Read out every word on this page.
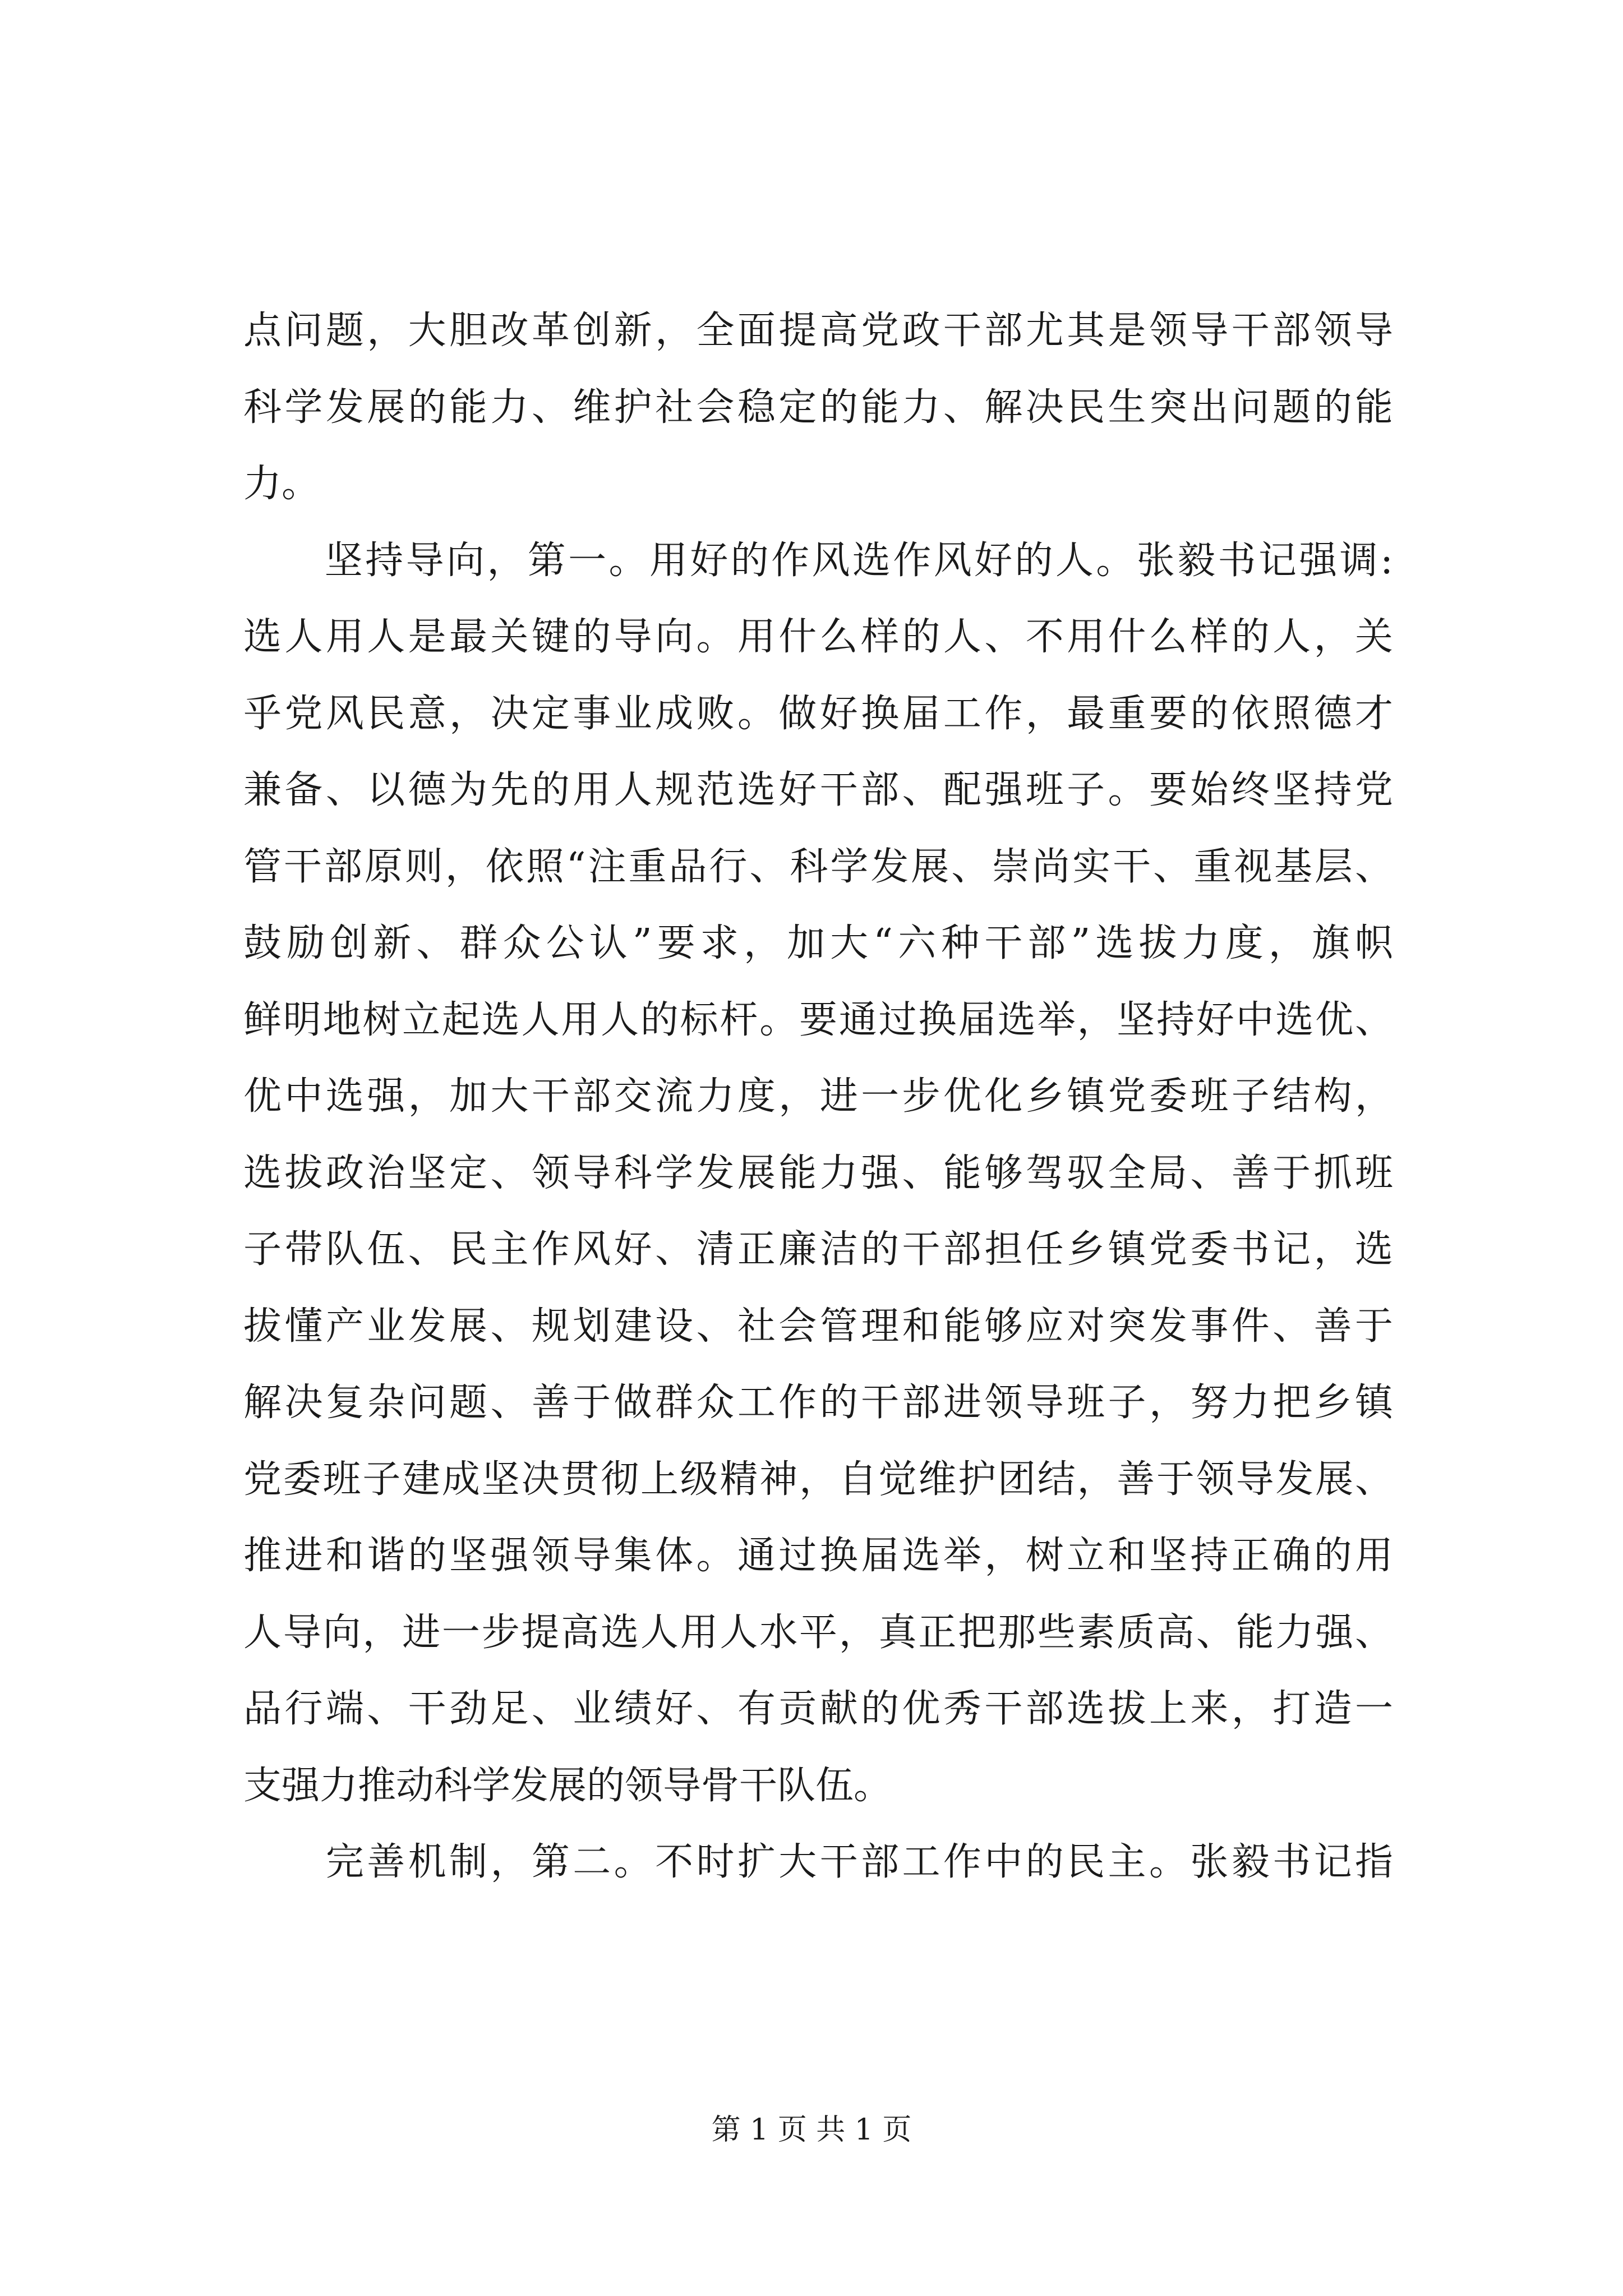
点问题，大胆改革创新，全面提高党政干部尤其是领导干部领导
科学发展的能力、维护社会稳定的能力、解决民生突出问题的能
力。
　　坚持导向，第一。用好的作风选作风好的人。张毅书记强调:
选人用人是最关键的导向。用什么样的人、不用什么样的人，关
乎党风民意，决定事业成败。做好换届工作，最重要的依照德才
兼备、以德为先的用人规范选好干部、配强班子。要始终坚持党
管干部原则，依照“注重品行、科学发展、崇尚实干、重视基层、
鼓励创新、群众公认”要求，加大“六种干部”选拔力度，旗帜
鲜明地树立起选人用人的标杆。要通过换届选举，坚持好中选优、
优中选强，加大干部交流力度，进一步优化乡镇党委班子结构，
选拔政治坚定、领导科学发展能力强、能够驾驭全局、善于抓班
子带队伍、民主作风好、清正廉洁的干部担任乡镇党委书记，选
拔懂产业发展、规划建设、社会管理和能够应对突发事件、善于
解决复杂问题、善于做群众工作的干部进领导班子，努力把乡镇
党委班子建成坚决贯彻上级精神，自觉维护团结，善于领导发展、
推进和谐的坚强领导集体。通过换届选举，树立和坚持正确的用
人导向，进一步提高选人用人水平，真正把那些素质高、能力强、
品行端、干劲足、业绩好、有贡献的优秀干部选拔上来，打造一
支强力推动科学发展的领导骨干队伍。
　　完善机制，第二。不时扩大干部工作中的民主。张毅书记指
第 1 页 共 1 页
